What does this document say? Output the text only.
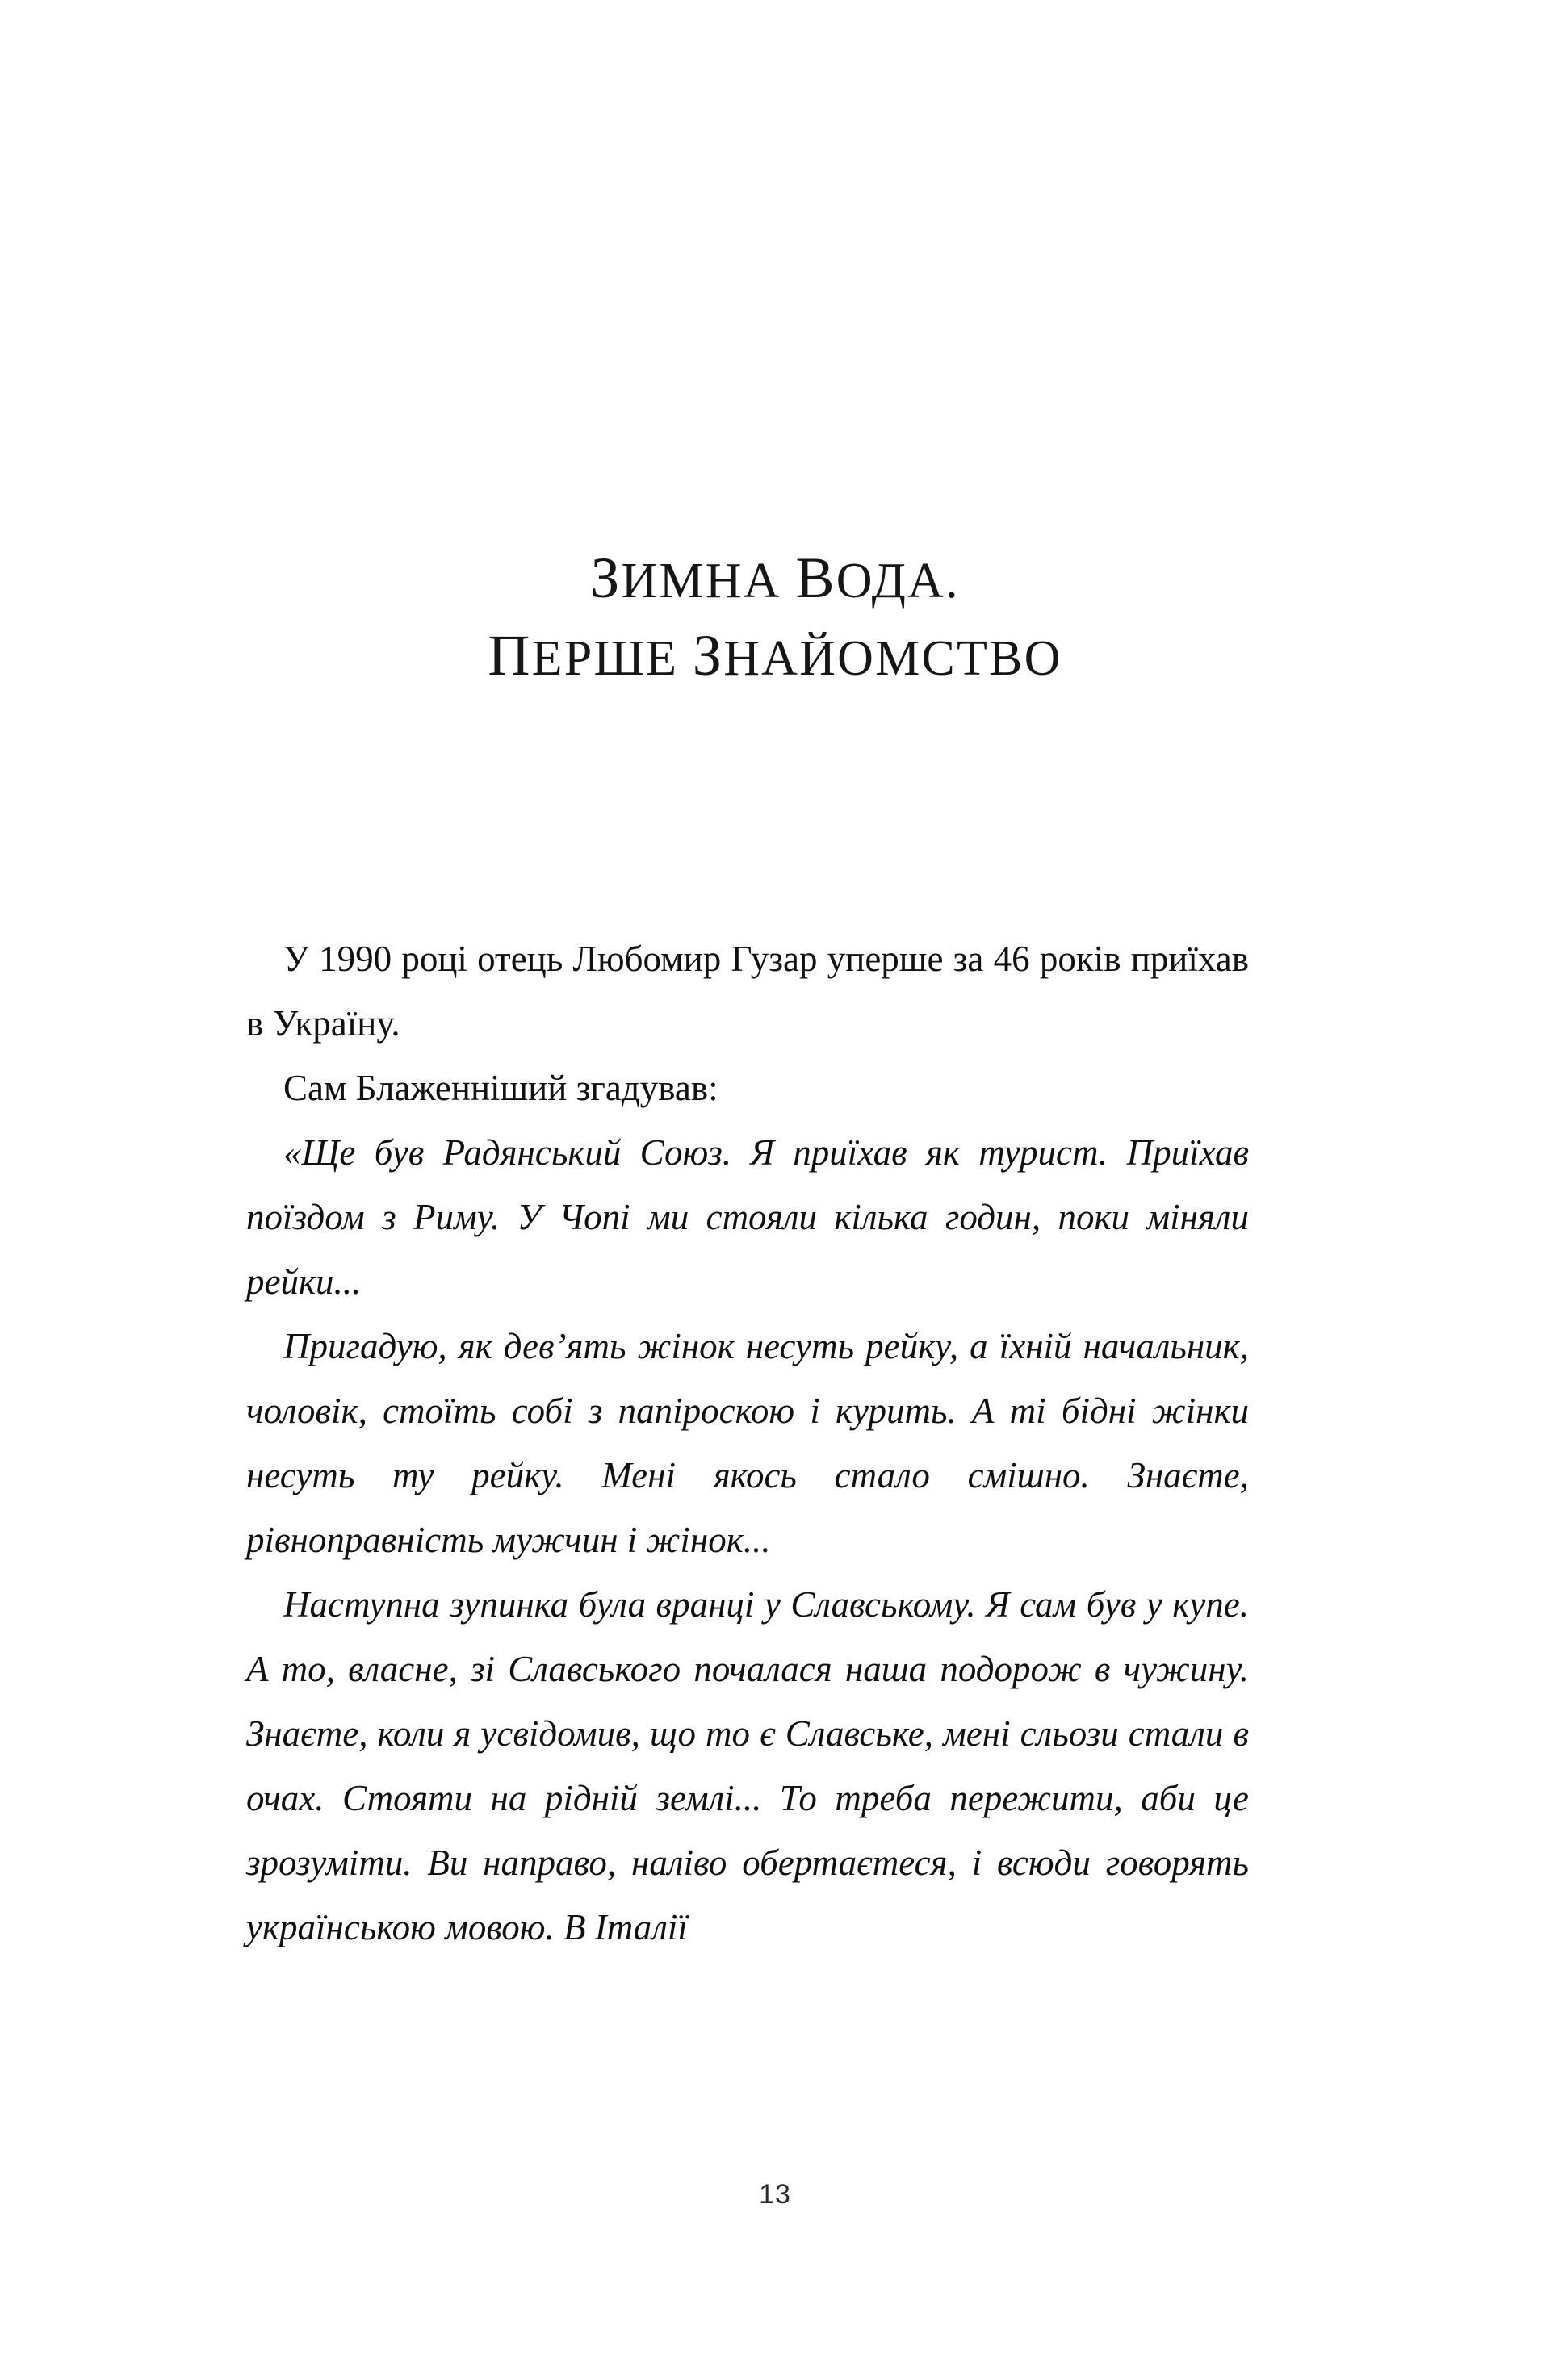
ЗИМНА ВОДА.
ПЕРШЕ ЗНАЙОМСТВО

У 1990 році отець Любомир Гузар уперше за 46 років приїхав в Україну.

Сам Блаженніший згадував:

«Ще був Радянський Союз. Я приїхав як турист. Приїхав поїздом з Риму. У Чопі ми стояли кілька годин, поки міняли рейки...

Пригадую, як дев’ять жінок несуть рейку, а їхній начальник, чоловік, стоїть собі з папіроскою і курить. А ті бідні жінки несуть ту рейку. Мені якось стало смішно. Знаєте, рівноправність мужчин і жінок...

Наступна зупинка була вранці у Славському. Я сам був у купе. А то, власне, зі Славського почалася наша подорож в чужину. Знаєте, коли я усвідомив, що то є Славське, мені сльози стали в очах. Стояти на рідній землі... То треба пережити, аби це зрозуміти. Ви направо, наліво обертаєтеся, і всюди говорять українською мовою. В Італії

13
